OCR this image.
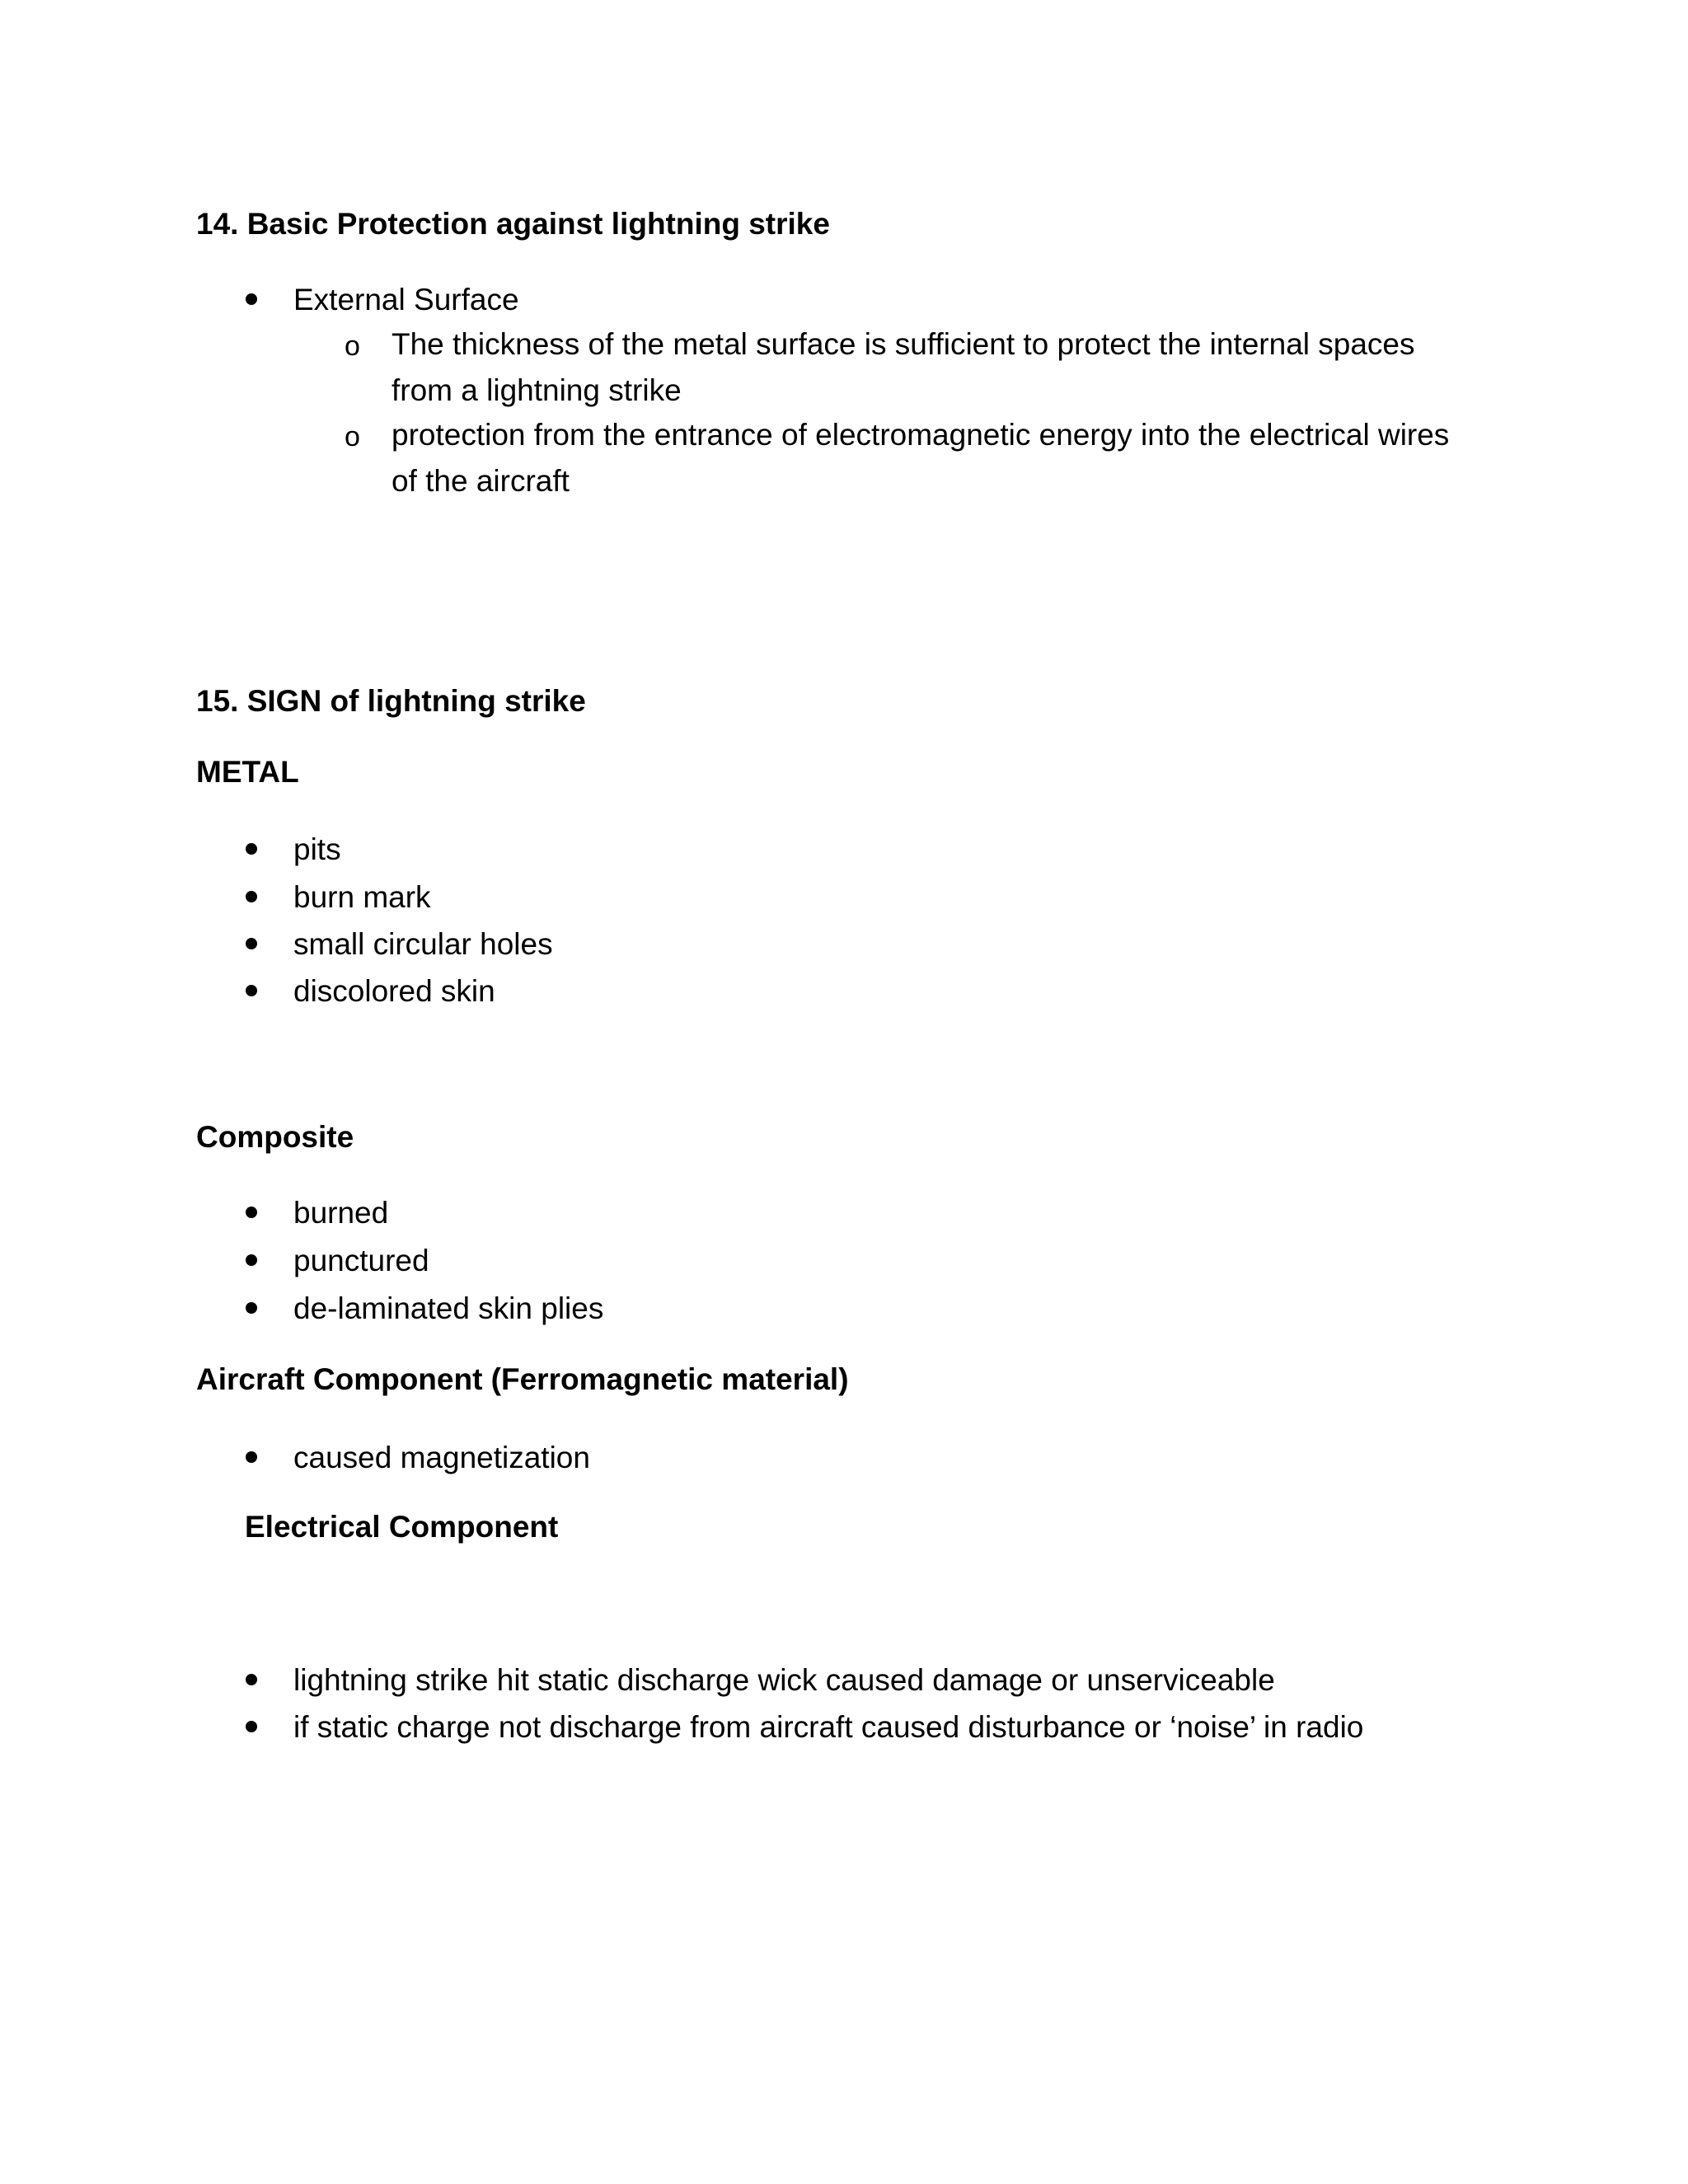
14. Basic Protection against lightning strike
External Surface
o The thickness of the metal surface is sufficient to protect the internal spaces from a lightning strike
o protection from the entrance of electromagnetic energy into the electrical wires of the aircraft
15. SIGN of lightning strike
METAL
pits
burn mark
small circular holes
discolored skin
Composite
burned
punctured
de-laminated skin plies
Aircraft Component (Ferromagnetic material)
caused magnetization
Electrical Component
lightning strike hit static discharge wick caused damage or unserviceable
if static charge not discharge from aircraft caused disturbance or ‘noise’ in radio
